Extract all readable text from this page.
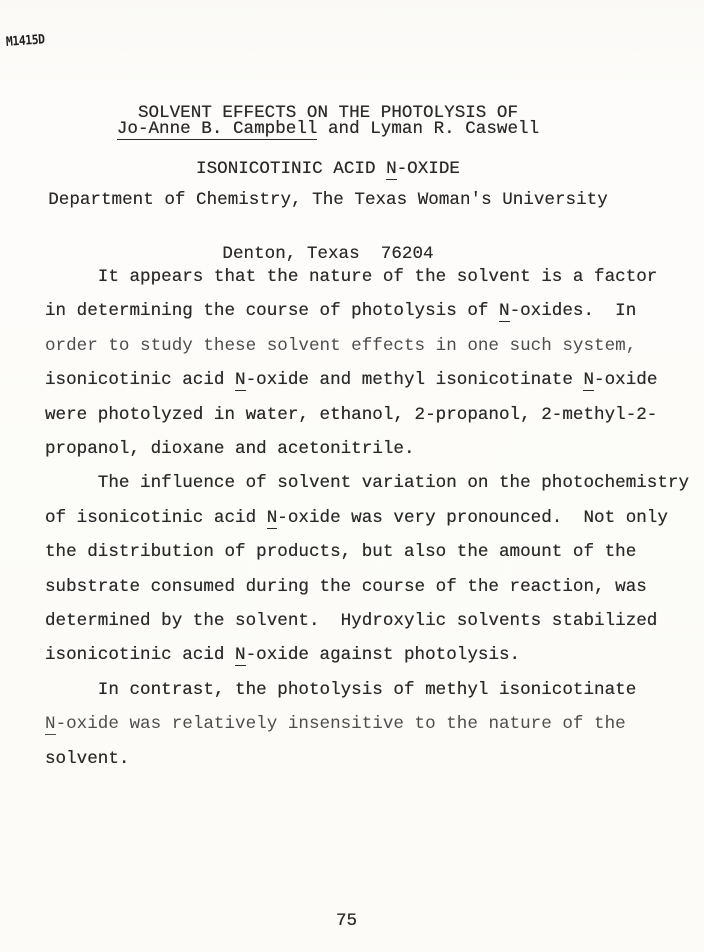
M1415D

SOLVENT EFFECTS ON THE PHOTOLYSIS OF

ISONICOTINIC ACID N-OXIDE

Jo-Anne B. Campbell and Lyman R. Caswell

Department of Chemistry, The Texas Woman's University

Denton, Texas  76204

It appears that the nature of the solvent is a factor
in determining the course of photolysis of N-oxides.  In
order to study these solvent effects in one such system,
isonicotinic acid N-oxide and methyl isonicotinate N-oxide
were photolyzed in water, ethanol, 2-propanol, 2-methyl-2-
propanol, dioxane and acetonitrile.
The influence of solvent variation on the photochemistry
of isonicotinic acid N-oxide was very pronounced.  Not only
the distribution of products, but also the amount of the
substrate consumed during the course of the reaction, was
determined by the solvent.  Hydroxylic solvents stabilized
isonicotinic acid N-oxide against photolysis.
In contrast, the photolysis of methyl isonicotinate
N-oxide was relatively insensitive to the nature of the
solvent.
75
